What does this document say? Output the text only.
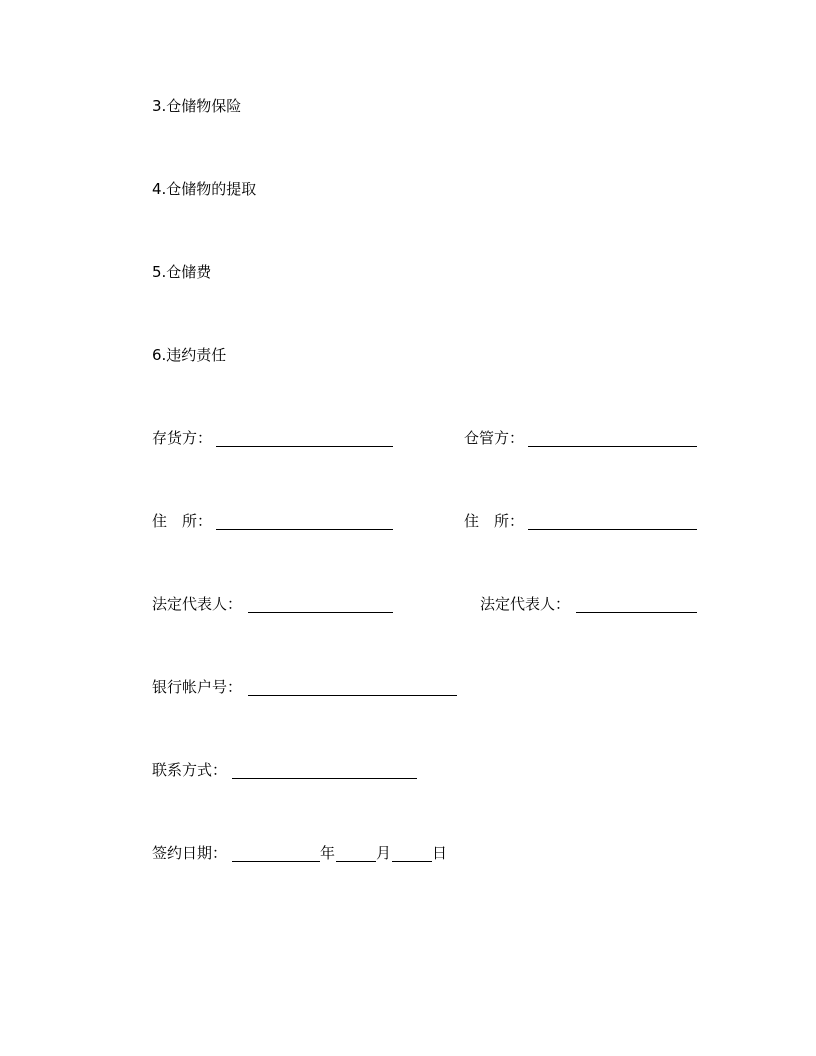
3.仓储物保险
4.仓储物的提取
5.仓储费
6.违约责任
存货方：	仓管方：
住　所：	住　所：
法定代表人：	法定代表人：
银行帐户号：
联系方式：
签约日期：	年	月	日
